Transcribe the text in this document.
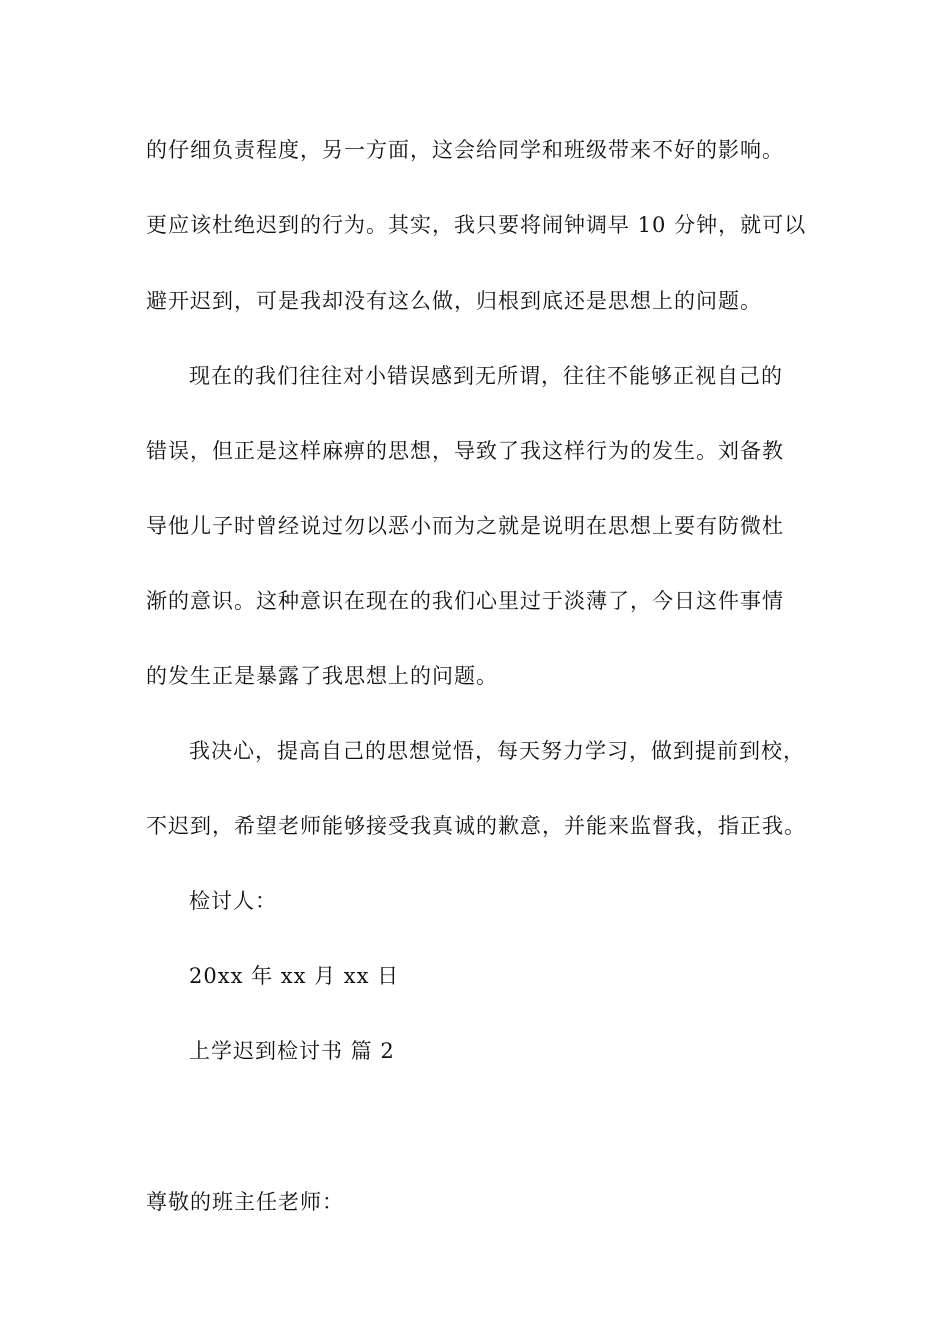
的仔细负责程度，另一方面，这会给同学和班级带来不好的影响。
更应该杜绝迟到的行为。其实，我只要将闹钟调早 10 分钟，就可以
避开迟到，可是我却没有这么做，归根到底还是思想上的问题。
现在的我们往往对小错误感到无所谓，往往不能够正视自己的
错误，但正是这样麻痹的思想，导致了我这样行为的发生。刘备教
导他儿子时曾经说过勿以恶小而为之就是说明在思想上要有防微杜
渐的意识。这种意识在现在的我们心里过于淡薄了，今日这件事情
的发生正是暴露了我思想上的问题。
我决心，提高自己的思想觉悟，每天努力学习，做到提前到校，
不迟到，希望老师能够接受我真诚的歉意，并能来监督我，指正我。
检讨人：
20xx 年 xx 月 xx 日
上学迟到检讨书 篇 2
尊敬的班主任老师：
